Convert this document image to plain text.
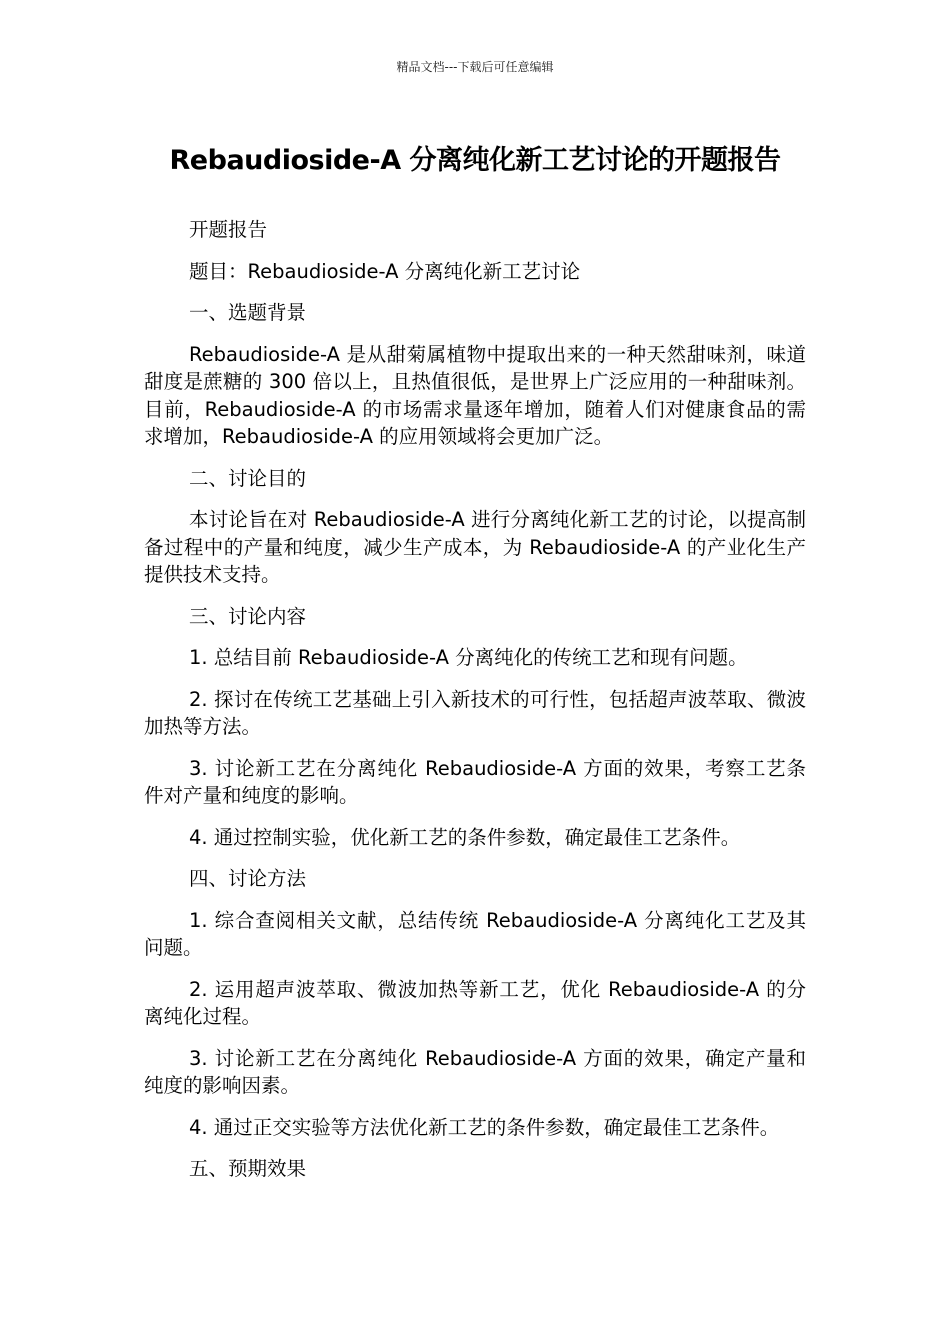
精品文档---下载后可任意编辑
Rebaudioside-A 分离纯化新工艺讨论的开题报告

开题报告

题目：Rebaudioside-A 分离纯化新工艺讨论

一、选题背景

Rebaudioside-A 是从甜菊属植物中提取出来的一种天然甜味剂，味道甜度是蔗糖的 300 倍以上，且热值很低，是世界上广泛应用的一种甜味剂。目前，Rebaudioside-A 的市场需求量逐年增加，随着人们对健康食品的需求增加，Rebaudioside-A 的应用领域将会更加广泛。

二、讨论目的

本讨论旨在对 Rebaudioside-A 进行分离纯化新工艺的讨论，以提高制备过程中的产量和纯度，减少生产成本，为 Rebaudioside-A 的产业化生产提供技术支持。

三、讨论内容

1. 总结目前 Rebaudioside-A 分离纯化的传统工艺和现有问题。

2. 探讨在传统工艺基础上引入新技术的可行性，包括超声波萃取、微波加热等方法。

3. 讨论新工艺在分离纯化 Rebaudioside-A 方面的效果，考察工艺条件对产量和纯度的影响。

4. 通过控制实验，优化新工艺的条件参数，确定最佳工艺条件。

四、讨论方法

1. 综合查阅相关文献，总结传统 Rebaudioside-A 分离纯化工艺及其问题。

2. 运用超声波萃取、微波加热等新工艺，优化 Rebaudioside-A 的分离纯化过程。

3. 讨论新工艺在分离纯化 Rebaudioside-A 方面的效果，确定产量和纯度的影响因素。

4. 通过正交实验等方法优化新工艺的条件参数，确定最佳工艺条件。

五、预期效果
